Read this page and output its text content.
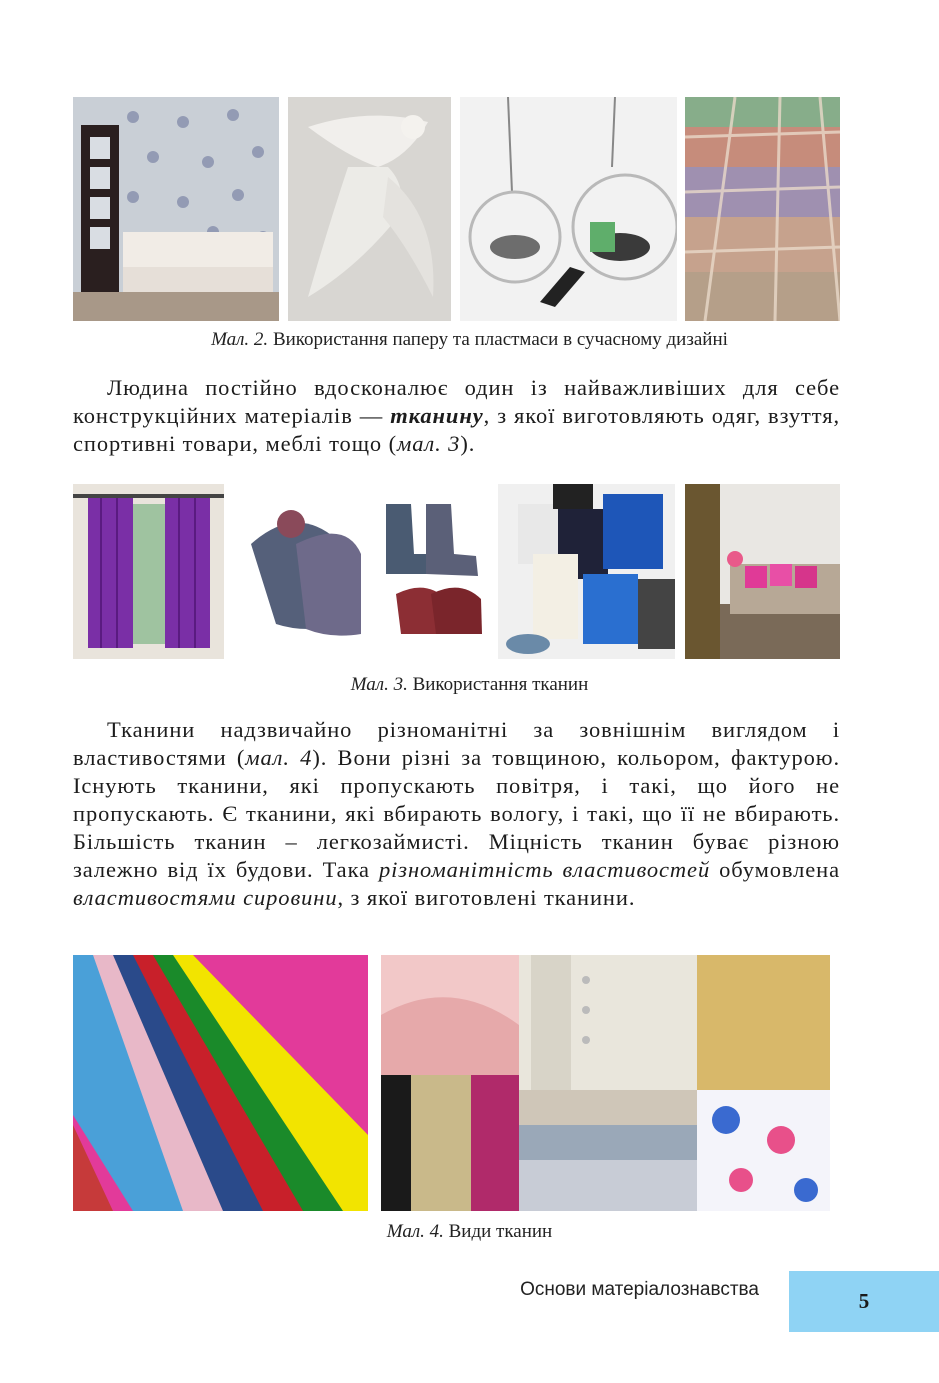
Мал. 2. Використання паперу та пластмаси в сучасному дизайні

Людина постійно вдосконалює один із найважливіших для себе конструкційних матеріалів — тканину, з якої виготовляють одяг, взуття, спортивні товари, меблі тощо (мал. 3).

Мал. 3. Використання тканин

Тканини надзвичайно різноманітні за зовнішнім виглядом і властивостями (мал. 4). Вони різні за товщиною, кольором, фактурою. Існують тканини, які пропускають повітря, і такі, що його не пропускають. Є тканини, які вбирають вологу, і такі, що її не вбирають. Більшість тканин – легкозаймисті. Міцність тканин буває різною залежно від їх будови. Така різноманітність властивостей обумовлена властивостями сировини, з якої виготовлені тканини.

Мал. 4. Види тканин
Основи матеріалознавства	5
